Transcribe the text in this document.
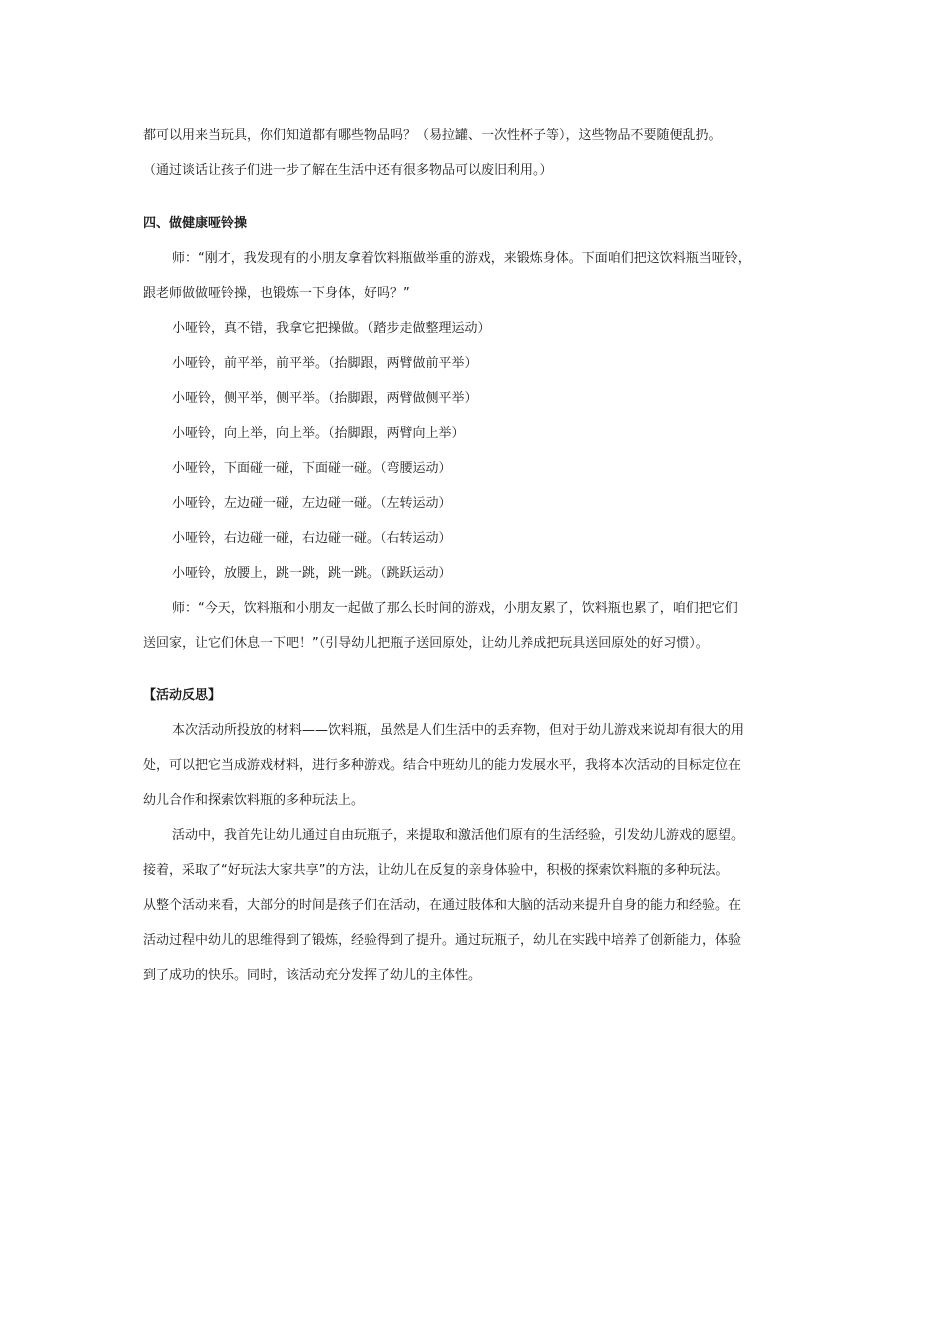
都可以用来当玩具，你们知道都有哪些物品吗？（易拉罐、一次性杯子等），这些物品不要随便乱扔。
（通过谈话让孩子们进一步了解在生活中还有很多物品可以废旧利用。）
四、做健康哑铃操
师：“刚才，我发现有的小朋友拿着饮料瓶做举重的游戏，来锻炼身体。下面咱们把这饮料瓶当哑铃，
跟老师做做哑铃操，也锻炼一下身体，好吗？”
小哑铃，真不错，我拿它把操做。（踏步走做整理运动）
小哑铃，前平举，前平举。（抬脚跟，两臂做前平举）
小哑铃，侧平举，侧平举。（抬脚跟，两臂做侧平举）
小哑铃，向上举，向上举。（抬脚跟，两臂向上举）
小哑铃，下面碰一碰，下面碰一碰。（弯腰运动）
小哑铃，左边碰一碰，左边碰一碰。（左转运动）
小哑铃，右边碰一碰，右边碰一碰。（右转运动）
小哑铃，放腰上，跳一跳，跳一跳。（跳跃运动）
师：“今天，饮料瓶和小朋友一起做了那么长时间的游戏，小朋友累了，饮料瓶也累了，咱们把它们
送回家，让它们休息一下吧！”（引导幼儿把瓶子送回原处，让幼儿养成把玩具送回原处的好习惯）。
【活动反思】
本次活动所投放的材料——饮料瓶，虽然是人们生活中的丢弃物，但对于幼儿游戏来说却有很大的用
处，可以把它当成游戏材料，进行多种游戏。结合中班幼儿的能力发展水平，我将本次活动的目标定位在
幼儿合作和探索饮料瓶的多种玩法上。
活动中，我首先让幼儿通过自由玩瓶子，来提取和激活他们原有的生活经验，引发幼儿游戏的愿望。
接着，采取了“好玩法大家共享”的方法，让幼儿在反复的亲身体验中，积极的探索饮料瓶的多种玩法。
从整个活动来看，大部分的时间是孩子们在活动，在通过肢体和大脑的活动来提升自身的能力和经验。在
活动过程中幼儿的思维得到了锻炼，经验得到了提升。通过玩瓶子，幼儿在实践中培养了创新能力，体验
到了成功的快乐。同时，该活动充分发挥了幼儿的主体性。
